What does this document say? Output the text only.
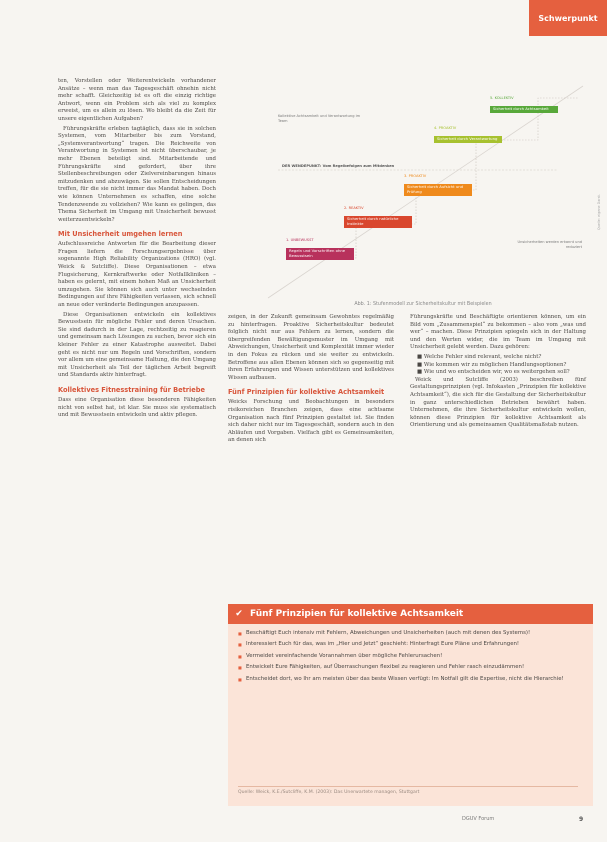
Schwerpunkt

ten, Vorstellen oder Weiterentwickeln vorhandener Ansätze – wenn man das Tagesgeschäft ohnehin nicht mehr schafft. Gleichzeitig ist es oft die einzig richtige Antwort, wenn ein Problem sich als viel zu komplex erweist, um es allein zu lösen. Wo bleibt da die Zeit für unsere eigentlichen Aufgaben?

Führungskräfte erleben tagtäglich, dass sie in solchen Systemen, vom Mitarbeiter bis zum Vorstand, „Systemverantwortung“ tragen. Die Reichweite von Verantwortung in Systemen ist nicht überschaubar, je mehr Ebenen beteiligt sind. Mitarbeitende und Führungskräfte sind gefordert, über ihre Stellenbeschreibungen oder Zielvereinbarungen hinaus mitzudenken und abzuwägen. Sie sollen Entscheidungen treffen, für die sie nicht immer das Mandat haben. Doch wie können Unternehmen es schaffen, eine solche Tendenzwende zu vollziehen? Wie kann es gelingen, das Thema Sicherheit im Umgang mit Unsicherheit bewusst weiterzuentwickeln?

Mit Unsicherheit umgehen lernen

Aufschlussreiche Antworten für die Bearbeitung dieser Fragen liefern die Forschungsergebnisse über sogenannte High Reliability Organizations (HRO) (vgl. Weick & Sutcliffe). Diese Organisationen – etwa Flugsicherung, Kernkraftwerke oder Notfallkliniken – haben es gelernt, mit einem hohen Maß an Unsicherheit umzugehen. Sie können sich auch unter wechselnden Bedingungen auf ihre Fähigkeiten verlassen, sich schnell an neue oder veränderte Bedingungen anzupassen.

Diese Organisationen entwickeln ein kollektives Bewusstsein für mögliche Fehler und deren Ursachen. Sie sind dadurch in der Lage, rechtzeitig zu reagieren und gemeinsam nach Lösungen zu suchen, bevor sich ein kleiner Fehler zu einer Katastrophe ausweitet. Dabei geht es nicht nur um Regeln und Vorschriften, sondern vor allem um eine gemeinsame Haltung, die den Umgang mit Unsicherheit als Teil der täglichen Arbeit begreift und Standards aktiv hinterfragt.

Kollektives Fitnesstraining für Betriebe

Dass eine Organisation diese besonderen Fähigkeiten nicht von selbst hat, ist klar. Sie muss sie systematisch und mit Bewusstsein entwickeln und aktiv pflegen.

Kollektive Achtsamkeit und Verantwortung im Team
DER WENDEPUNKT: Vom Regelbefolgen zum Mitdenken
Unsicherheiten werden erkannt und reduziert
1. UNBEWUSST
Regeln und Vorschriften ohne Bewusstsein
2. REAKTIV
Sicherheit durch natürliche Instinkte
3. PROAKTIV
Sicherheit durch Aufsicht und Prüfung
4. PROAKTIV
Sicherheit durch Verantwortung
5. KOLLEKTIV
Sicherheit durch Achtsamkeit
Abb. 1: Stufenmodell zur Sicherheitskultur mit Beispielen
Quelle: eigene Darst.

zeigen, in der Zukunft gemeinsam Gewohntes regelmäßig zu hinterfragen. Proaktive Sicherheitskultur bedeutet folglich nicht nur aus Fehlern zu lernen, sondern die übergreifenden Bewältigungsmuster im Umgang mit Abweichungen, Unsicherheit und Komplexität immer wieder in den Fokus zu rücken und sie weiter zu entwickeln. Betroffene aus allen Ebenen können sich so gegenseitig mit ihren Erfahrungen und Wissen unterstützen und kollektives Wissen aufbauen.

Fünf Prinzipien für kollektive Achtsamkeit

Weicks Forschung und Beobachtungen in besonders risikoreichen Branchen zeigen, dass eine achtsame Organisation nach fünf Prinzipien gestaltet ist. Sie finden sich daher nicht nur im Tagesgeschäft, sondern auch in den Abläufen und Vorgaben. Vielfach gibt es Gemeinsamkeiten, an denen sich

Führungskräfte und Beschäftigte orientieren können, um ein Bild vom „Zusammenspiel“ zu bekommen – also vom „was und wer“ – machen. Diese Prinzipien spiegeln sich in der Haltung und den Werten wider, die im Team im Umgang mit Unsicherheit gelebt werden. Dazu gehören:

■ Welche Fehler sind relevant, welche nicht?
■ Wie kommen wir zu möglichen Handlungsoptionen?
■ Wie und wo entscheiden wir, wo es weitergehen soll?

Weick und Sutcliffe (2003) beschreiben fünf Gestaltungsprinzipien (vgl. Infokasten „Prinzipien für kollektive Achtsamkeit“), die sich für die Gestaltung der Sicherheitskultur in ganz unterschiedlichen Betrieben bewährt haben. Unternehmen, die ihre Sicherheitskultur entwickeln wollen, können diese Prinzipien für kollektive Achtsamkeit als Orientierung und als gemeinsamen Qualitätsmaßstab nutzen.

✔ Fünf Prinzipien für kollektive Achtsamkeit
■ Beschäftigt Euch intensiv mit Fehlern, Abweichungen und Unsicherheiten (auch mit denen des Systems)!
■ Interessiert Euch für das, was im „Hier und Jetzt“ geschieht: Hinterfragt Eure Pläne und Erfahrungen!
■ Vermeidet vereinfachende Vorannahmen über mögliche Fehlerursachen!
■ Entwickelt Eure Fähigkeiten, auf Überraschungen flexibel zu reagieren und Fehler rasch einzudämmen!
■ Entscheidet dort, wo Ihr am meisten über das beste Wissen verfügt: Im Notfall gilt die Expertise, nicht die Hierarchie!
Quelle: Weick, K.E./Sutcliffe, K.M. (2003): Das Unerwartete managen, Stuttgart
DGUV Forum	9
